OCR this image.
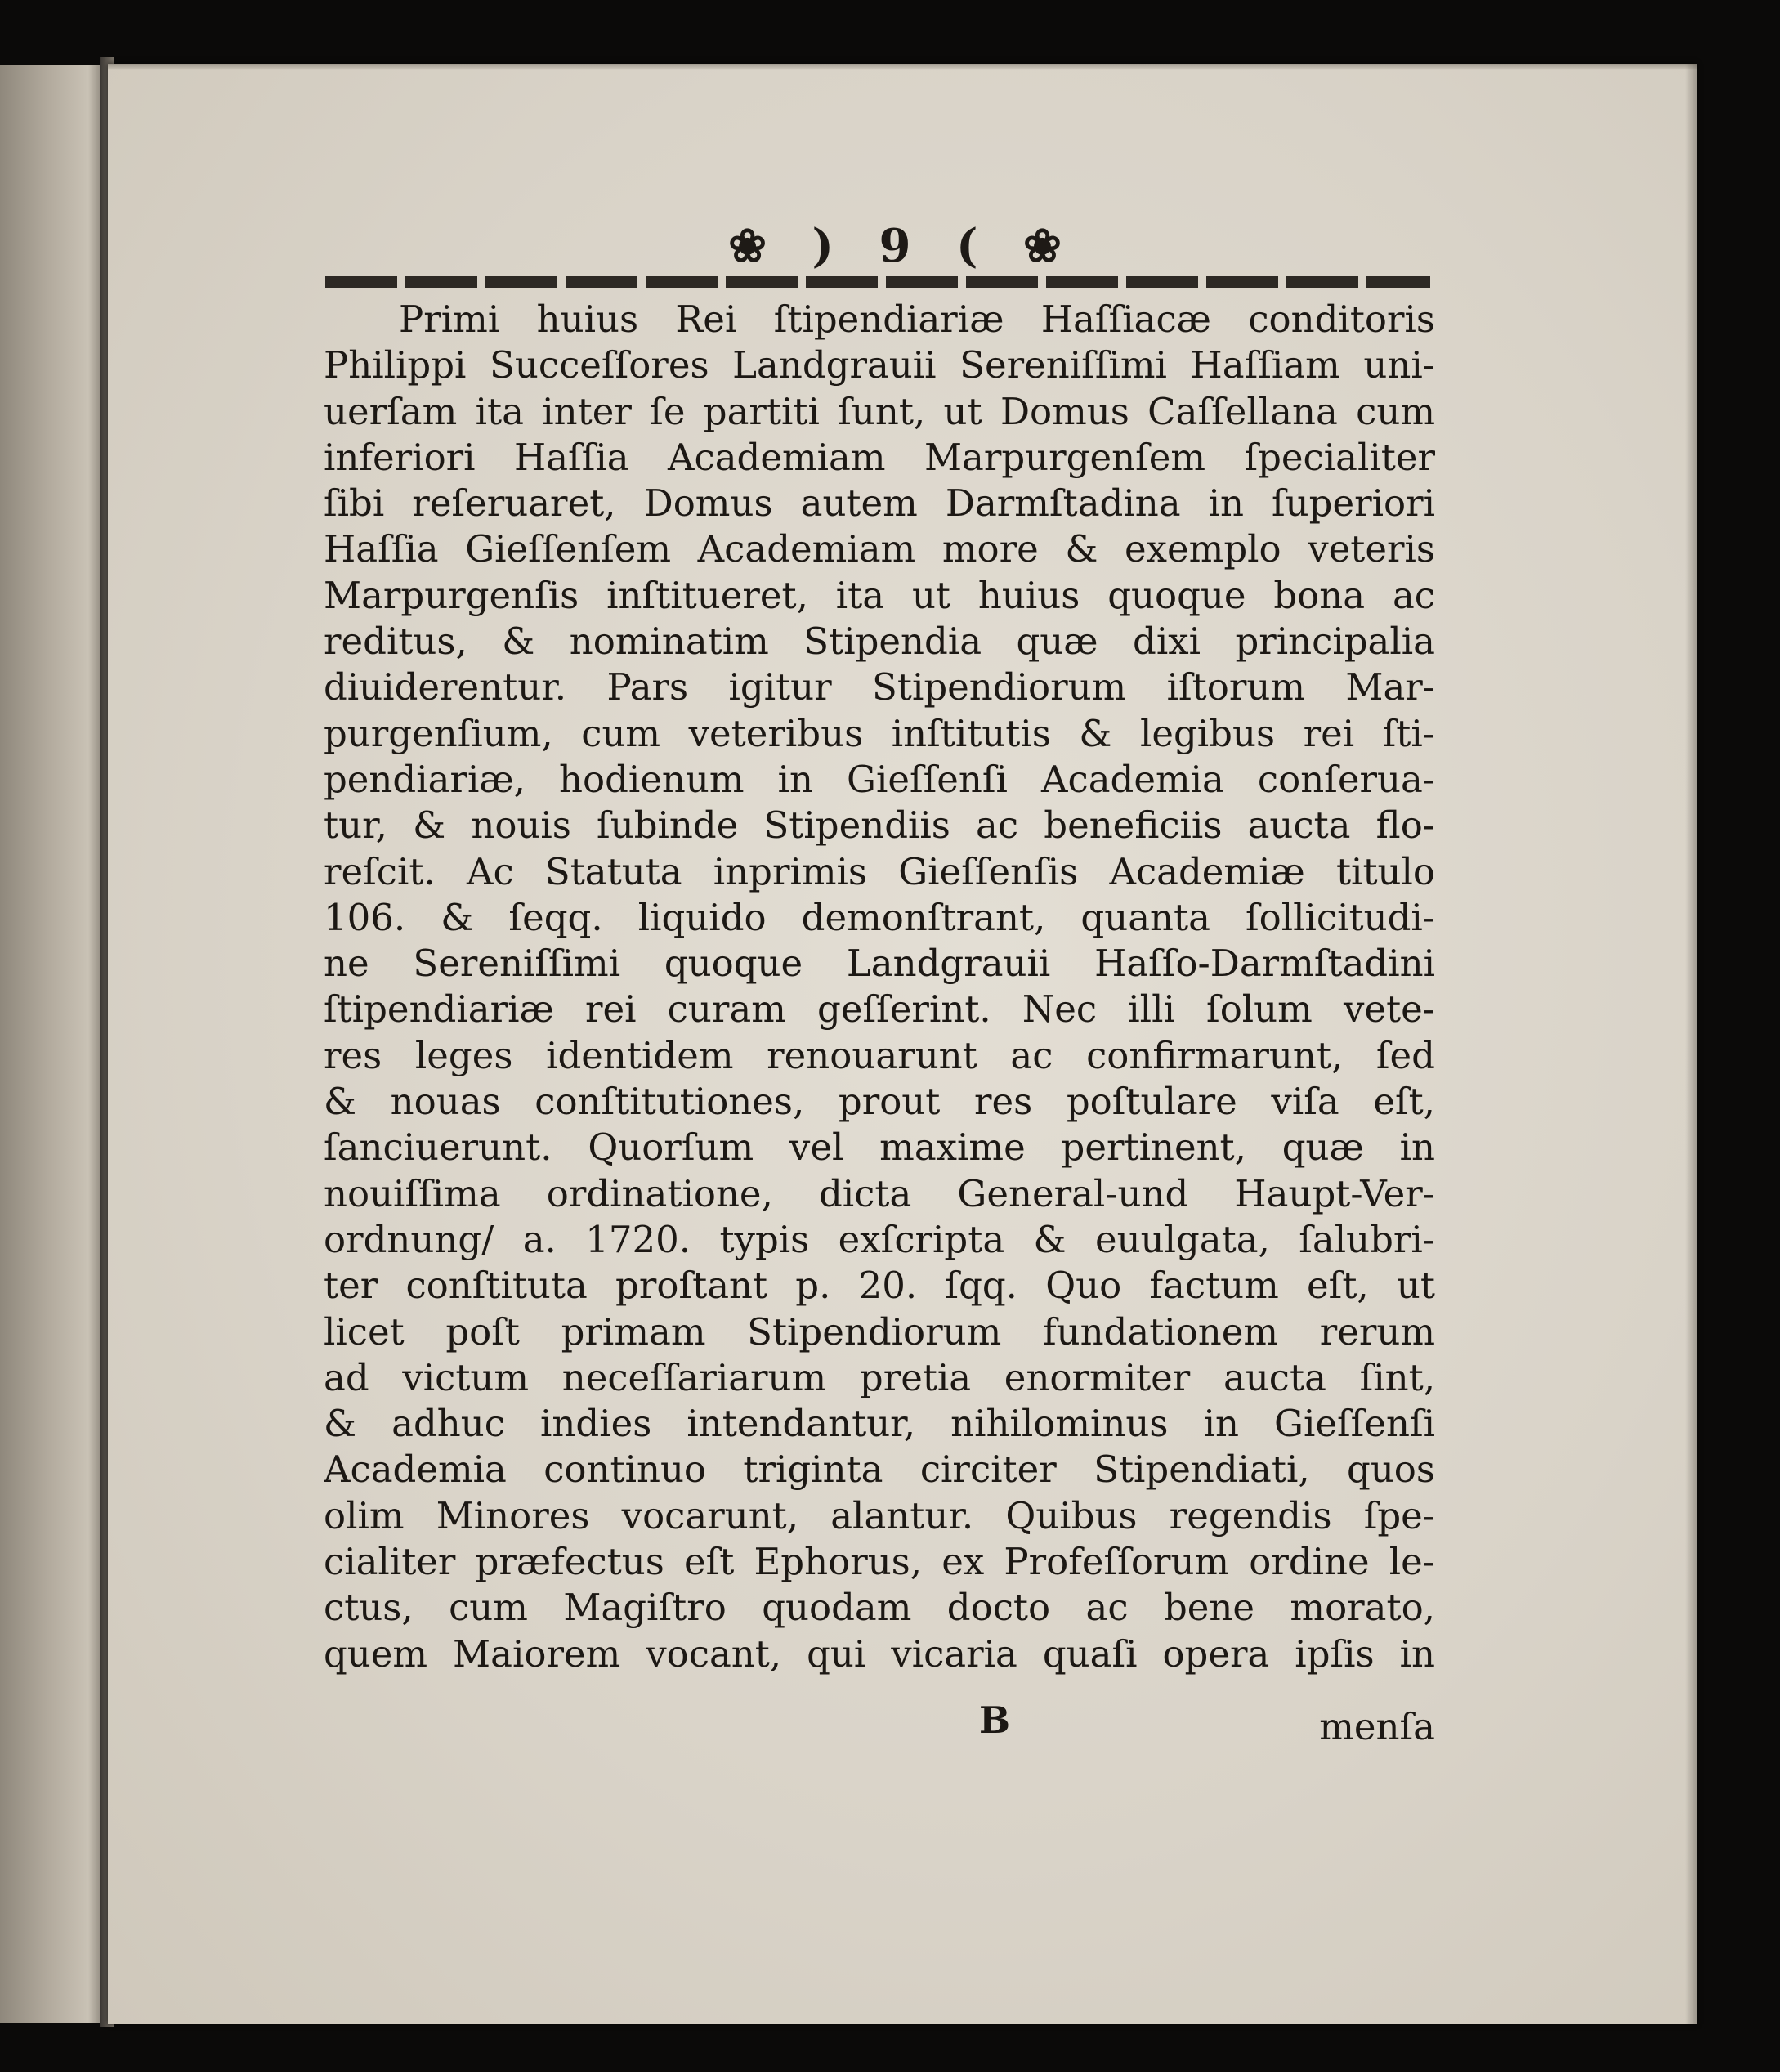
❀ ) 9 ( ❀
Primi huius Rei ſtipendiariæ Haſſiacæ conditoris
Philippi Succeſſores Landgrauii Sereniſſimi Haſſiam uni-
uerſam ita inter ſe partiti ſunt, ut Domus Caſſellana cum
inferiori Haſſia Academiam Marpurgenſem ſpecialiter
ſibi reſeruaret, Domus autem Darmſtadina in ſuperiori
Haſſia Gieſſenſem Academiam more & exemplo veteris
Marpurgenſis inſtitueret, ita ut huius quoque bona ac
reditus, & nominatim Stipendia quæ dixi principalia
diuiderentur. Pars igitur Stipendiorum iſtorum Mar-
purgenſium, cum veteribus inſtitutis & legibus rei ſti-
pendiariæ, hodienum in Gieſſenſi Academia conſerua-
tur, & nouis ſubinde Stipendiis ac beneficiis aucta flo-
reſcit. Ac Statuta inprimis Gieſſenſis Academiæ titulo
106. & ſeqq. liquido demonſtrant, quanta ſollicitudi-
ne Sereniſſimi quoque Landgrauii Haſſo-Darmſtadini
ſtipendiariæ rei curam geſſerint. Nec illi ſolum vete-
res leges identidem renouarunt ac confirmarunt, ſed
& nouas conſtitutiones, prout res poſtulare viſa eſt,
ſanciuerunt. Quorſum vel maxime pertinent, quæ in
nouiſſima ordinatione, dicta General-und Haupt-Ver-
ordnung/ a. 1720. typis exſcripta & euulgata, ſalubri-
ter conſtituta proſtant p. 20. ſqq. Quo factum eſt, ut
licet poſt primam Stipendiorum fundationem rerum
ad victum neceſſariarum pretia enormiter aucta ſint,
& adhuc indies intendantur, nihilominus in Gieſſenſi
Academia continuo triginta circiter Stipendiati, quos
olim Minores vocarunt, alantur. Quibus regendis ſpe-
cialiter præfectus eſt Ephorus, ex Profeſſorum ordine le-
ctus, cum Magiſtro quodam docto ac bene morato,
quem Maiorem vocant, qui vicaria quaſi opera ipſis in
B	menſa
